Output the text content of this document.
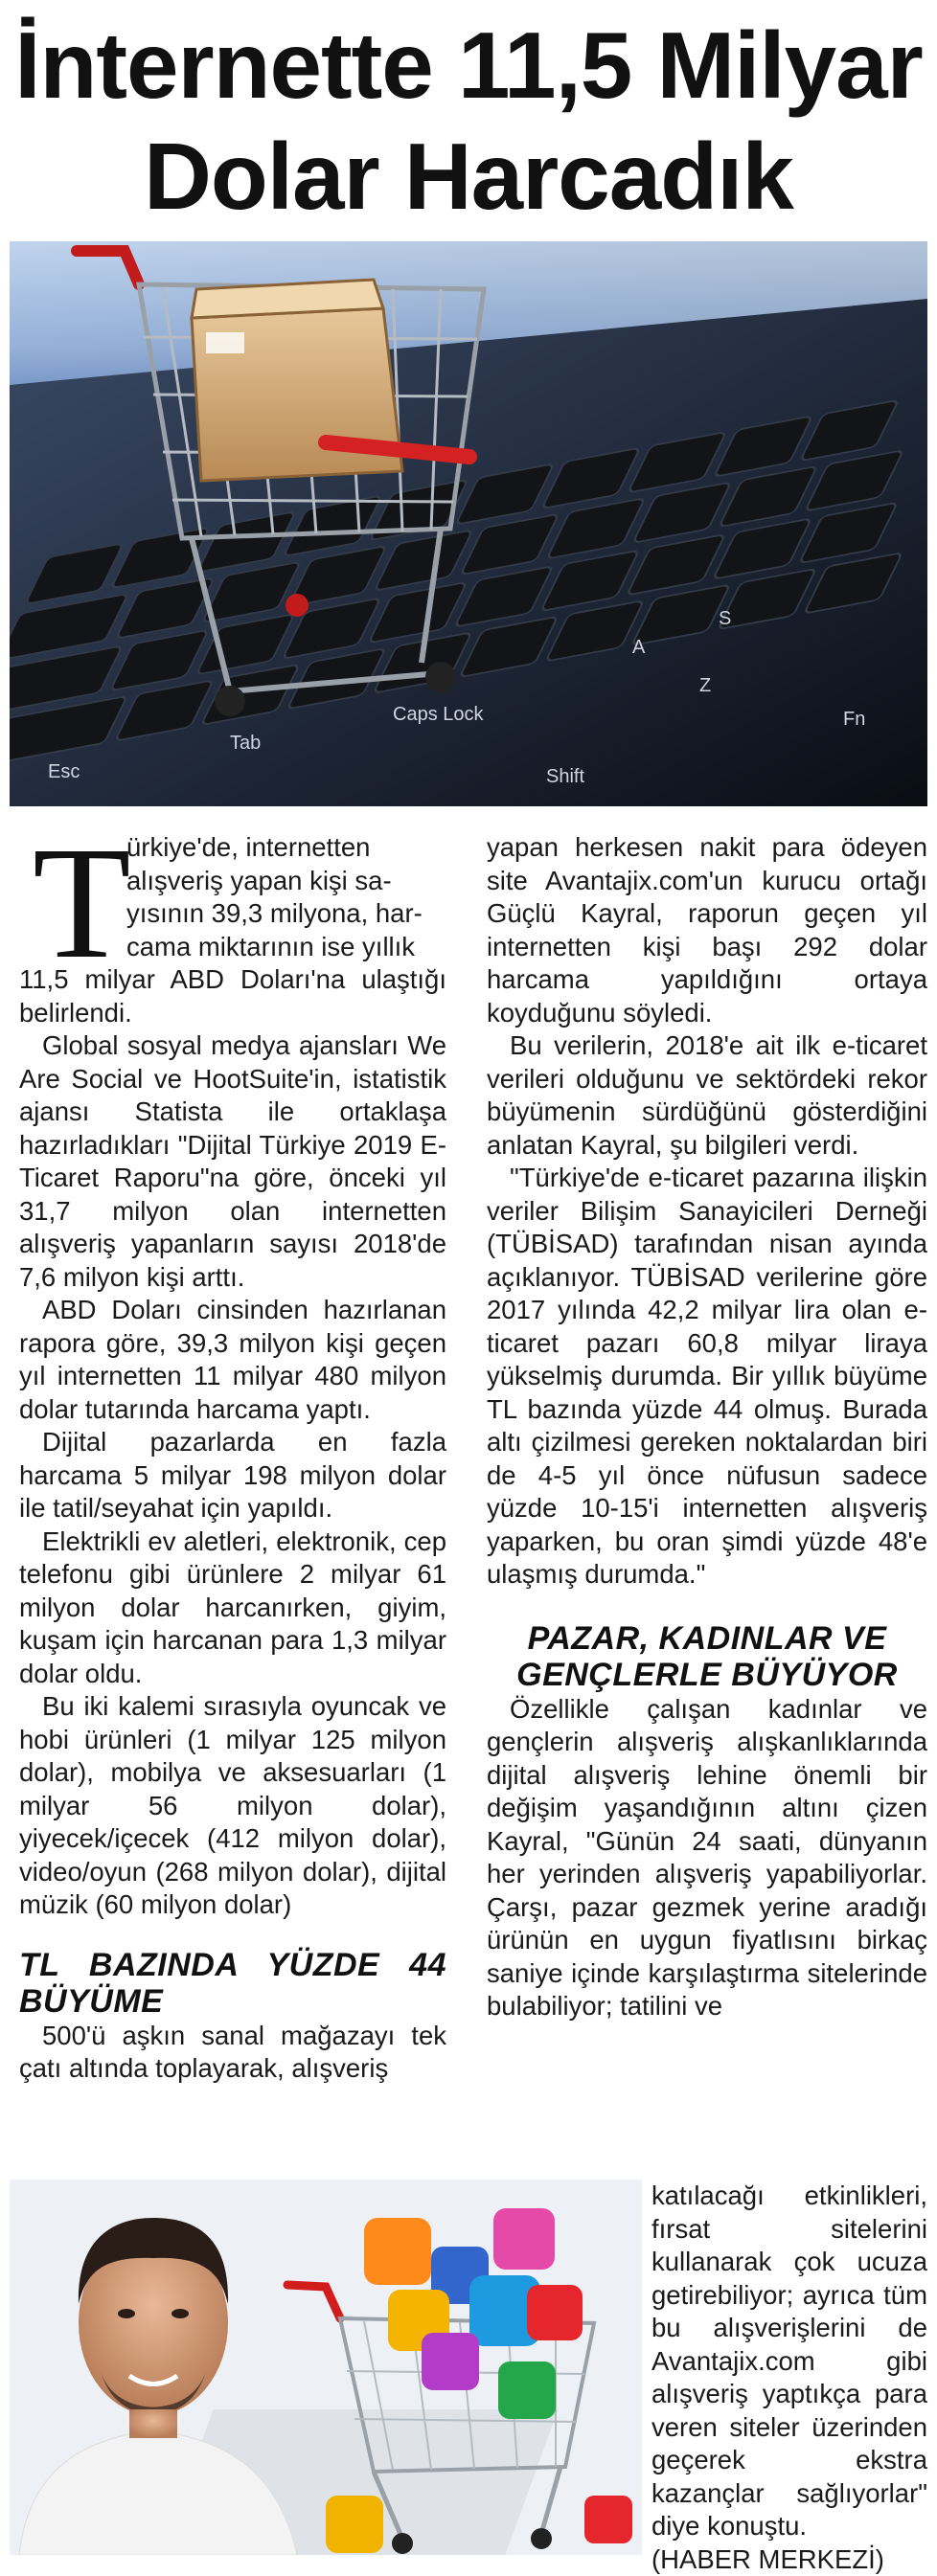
İnternette 11,5 Milyar
Dolar Harcadık
Esc
Tab
Caps Lock
Shift
A
S
Z
Fn
T
ürkiye'de, internetten
alışveriş yapan kişi sa-
yısının 39,3 milyona, har-
cama miktarının ise yıllık

11,5 milyar ABD Doları'na ulaştığı belirlendi.

Global sosyal medya ajansları We Are Social ve HootSuite'in, istatistik ajansı Statista ile ortaklaşa hazırladıkları "Dijital Türkiye 2019 E-Ticaret Raporu"na göre, önceki yıl 31,7 milyon olan internetten alışveriş yapanların sayısı 2018'de 7,6 milyon kişi arttı.

ABD Doları cinsinden hazırlanan rapora göre, 39,3 milyon kişi geçen yıl internetten 11 milyar 480 milyon dolar tutarında harcama yaptı.

Dijital pazarlarda en fazla harcama 5 milyar 198 milyon dolar ile tatil/seyahat için yapıldı.

Elektrikli ev aletleri, elektronik, cep telefonu gibi ürünlere 2 milyar 61 milyon dolar harcanırken, giyim, kuşam için harcanan para 1,3 milyar dolar oldu.

Bu iki kalemi sırasıyla oyuncak ve hobi ürünleri (1 milyar 125 milyon dolar), mobilya ve aksesuarları (1 milyar 56 milyon dolar), yiyecek/içecek (412 milyon dolar), video/oyun (268 milyon dolar), dijital müzik (60 milyon dolar)

TL BAZINDA YÜZDE 44 BÜYÜME

500'ü aşkın sanal mağazayı tek çatı altında toplayarak, alışveriş

yapan herkesen nakit para ödeyen site Avantajix.com'un kurucu ortağı Güçlü Kayral, raporun geçen yıl internetten kişi başı 292 dolar harcama yapıldığını ortaya koyduğunu söyledi.

Bu verilerin, 2018'e ait ilk e-ticaret verileri olduğunu ve sektördeki rekor büyümenin sürdüğünü gösterdiğini anlatan Kayral, şu bilgileri verdi.

"Türkiye'de e-ticaret pazarına ilişkin veriler Bilişim Sanayicileri Derneği (TÜBİSAD) tarafından nisan ayında açıklanıyor. TÜBİSAD verilerine göre 2017 yılında 42,2 milyar lira olan e-ticaret pazarı 60,8 milyar liraya yükselmiş durumda. Bir yıllık büyüme TL bazında yüzde 44 olmuş. Burada altı çizilmesi gereken noktalardan biri de 4-5 yıl önce nüfusun sadece yüzde 10-15'i internetten alışveriş yaparken, bu oran şimdi yüzde 48'e ulaşmış durumda."

PAZAR, KADINLAR VE GENÇLERLE BÜYÜYOR

Özellikle çalışan kadınlar ve gençlerin alışveriş alışkanlıklarında dijital alışveriş lehine önemli bir değişim yaşandığının altını çizen Kayral, "Günün 24 saati, dünyanın her yerinden alışveriş yapabiliyorlar. Çarşı, pazar gezmek yerine aradığı ürünün en uygun fiyatlısını birkaç saniye içinde karşılaştırma sitelerinde bulabiliyor; tatilini ve

katılacağı etkinlikleri, fırsat sitelerini kullanarak çok ucuza getirebiliyor; ayrıca tüm bu alışverişlerini de Avantajix.com gibi alışveriş yaptıkça para veren siteler üzerinden geçerek ekstra kazançlar sağlıyorlar" diye konuştu.

(HABER MERKEZİ)
